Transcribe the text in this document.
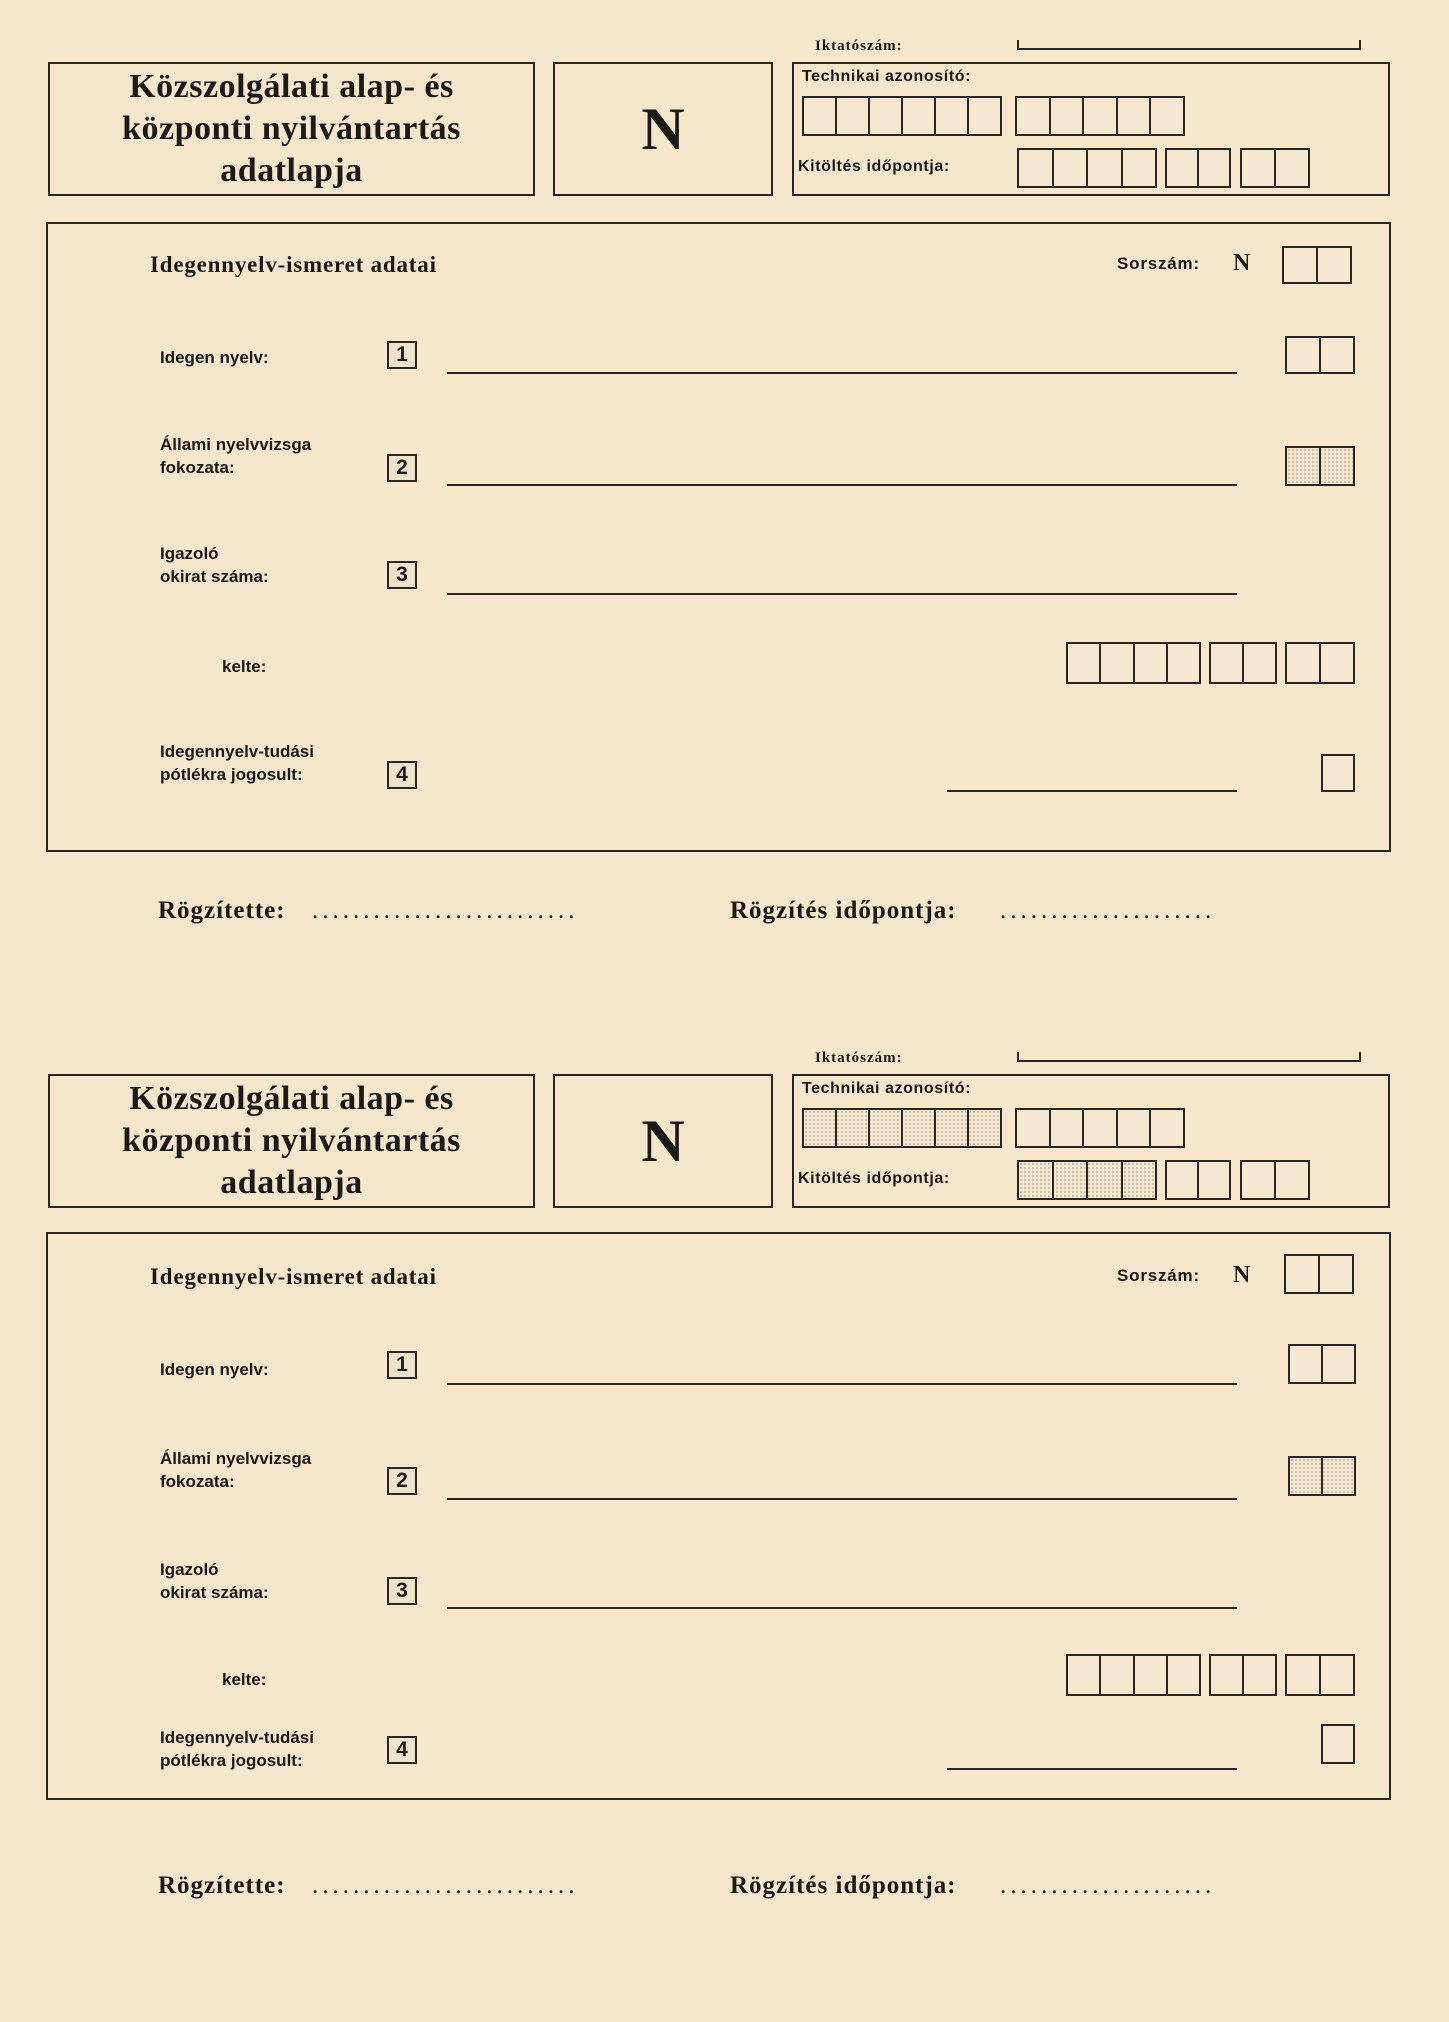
Iktatószám:
Közszolgálati alap- és
központi nyilvántartás
adatlapja
N
Technikai azonosító:
Kitöltés időpontja:
Idegennyelv-ismeret adatai	Sorszám: N
Idegen nyelv:	1
Állami nyelvvizsga
fokozata:	2
Igazoló
okirat száma:	3
kelte:
Idegennyelv-tudási
pótlékra jogosult:	4
Rögzítette: ..........................	Rögzítés időpontja: .....................
Iktatószám:
Közszolgálati alap- és
központi nyilvántartás
adatlapja
N
Technikai azonosító:
Kitöltés időpontja:
Idegennyelv-ismeret adatai	Sorszám: N
Idegen nyelv:	1
Állami nyelvvizsga
fokozata:	2
Igazoló
okirat száma:	3
kelte:
Idegennyelv-tudási
pótlékra jogosult:	4
Rögzítette: ..........................	Rögzítés időpontja: .....................
